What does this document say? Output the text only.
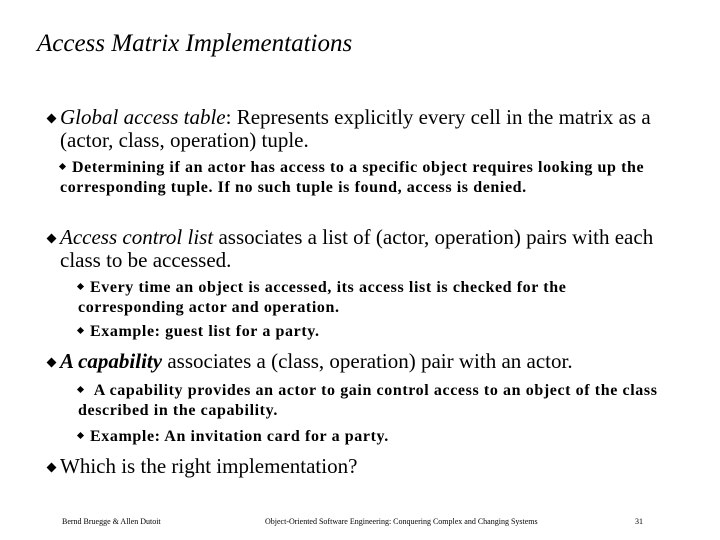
Access Matrix Implementations
Global access table: Represents explicitly every cell in the matrix as a (actor, class, operation) tuple.
Determining if an actor has access to a specific object requires looking up the corresponding tuple. If no such tuple is found, access is denied.
Access control list associates a list of (actor, operation) pairs with each class to be accessed.
Every time an object is accessed, its access list is checked for the corresponding actor and operation.
Example: guest list for a party.
A capability associates a (class, operation) pair with an actor.
A capability provides an actor to gain control access to an object of the class described in the capability.
Example: An invitation card for a party.
Which is the right implementation?
Bernd Bruegge & Allen Dutoit	Object-Oriented Software Engineering: Conquering Complex and Changing Systems	31
